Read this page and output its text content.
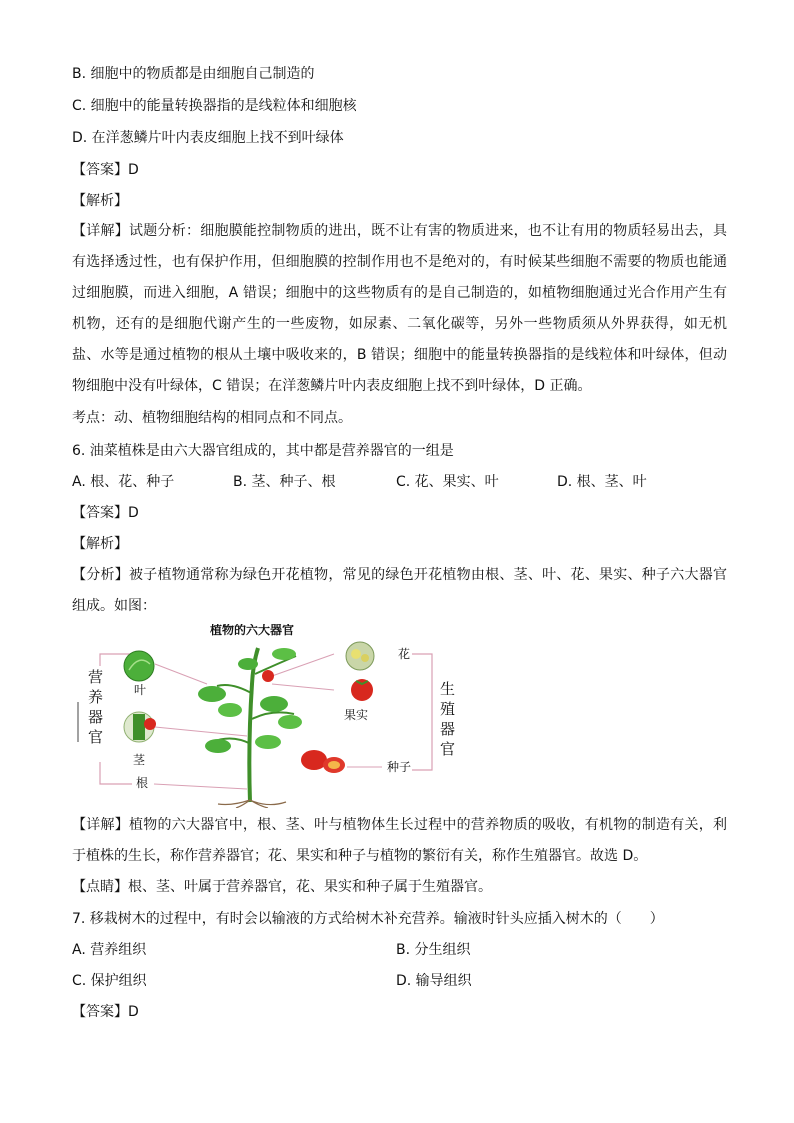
B. 细胞中的物质都是由细胞自己制造的
C. 细胞中的能量转换器指的是线粒体和细胞核
D. 在洋葱鳞片叶内表皮细胞上找不到叶绿体
【答案】D
【解析】
【详解】试题分析：细胞膜能控制物质的进出，既不让有害的物质进来，也不让有用的物质轻易出去，具有选择透过性，也有保护作用，但细胞膜的控制作用也不是绝对的，有时候某些细胞不需要的物质也能通过细胞膜，而进入细胞，A 错误；细胞中的这些物质有的是自己制造的，如植物细胞通过光合作用产生有机物，还有的是细胞代谢产生的一些废物，如尿素、二氧化碳等，另外一些物质须从外界获得，如无机盐、水等是通过植物的根从土壤中吸收来的，B 错误；细胞中的能量转换器指的是线粒体和叶绿体，但动物细胞中没有叶绿体，C 错误；在洋葱鳞片叶内表皮细胞上找不到叶绿体，D 正确。
考点：动、植物细胞结构的相同点和不同点。
6. 油菜植株是由六大器官组成的，其中都是营养器官的一组是
A. 根、花、种子	B. 茎、种子、根	C. 花、果实、叶	D. 根、茎、叶
【答案】D
【解析】
【分析】被子植物通常称为绿色开花植物，常见的绿色开花植物由根、茎、叶、花、果实、种子六大器官组成。如图：
植物的六大器官
营
养
器
官
生
殖
器
官
叶
茎
根
花
果实
种子
【详解】植物的六大器官中，根、茎、叶与植物体生长过程中的营养物质的吸收，有机物的制造有关，利于植株的生长，称作营养器官；花、果实和种子与植物的繁衍有关，称作生殖器官。故选 D。
【点睛】根、茎、叶属于营养器官，花、果实和种子属于生殖器官。
7. 移栽树木的过程中，有时会以输液的方式给树木补充营养。输液时针头应插入树木的（　　）
A. 营养组织	B. 分生组织
C. 保护组织	D. 输导组织
【答案】D
